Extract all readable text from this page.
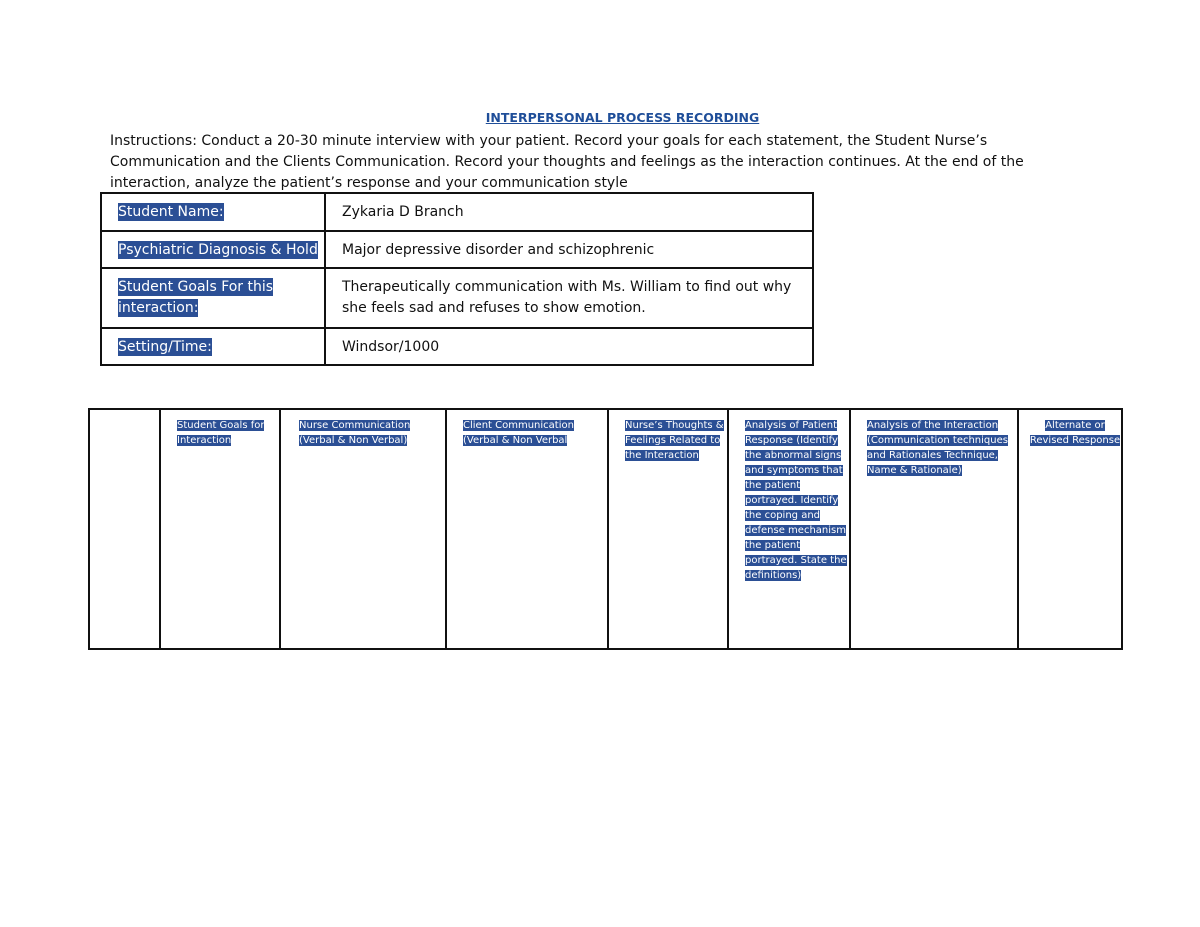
INTERPERSONAL PROCESS RECORDING
Instructions: Conduct a 20-30 minute interview with your patient. Record your goals for each statement, the Student Nurse’s Communication and the Clients Communication. Record your thoughts and feelings as the interaction continues. At the end of the interaction, analyze the patient’s response and your communication style
Student Name:	Zykaria D Branch
Psychiatric Diagnosis & Hold	Major depressive disorder and schizophrenic
Student Goals For this interaction:	Therapeutically communication with Ms. William to find out why she feels sad and refuses to show emotion.
Setting/Time:	Windsor/1000
	Student Goals for Interaction	Nurse Communication (Verbal & Non Verbal)	Client Communication (Verbal & Non Verbal	Nurse’s Thoughts & Feelings Related to the Interaction	Analysis of Patient Response (Identify the abnormal signs and symptoms that the patient portrayed. Identify the coping and defense mechanism the patient portrayed. State the definitions)	Analysis of the Interaction (Communication techniques and Rationales Technique, Name & Rationale)	Alternate or Revised Response
